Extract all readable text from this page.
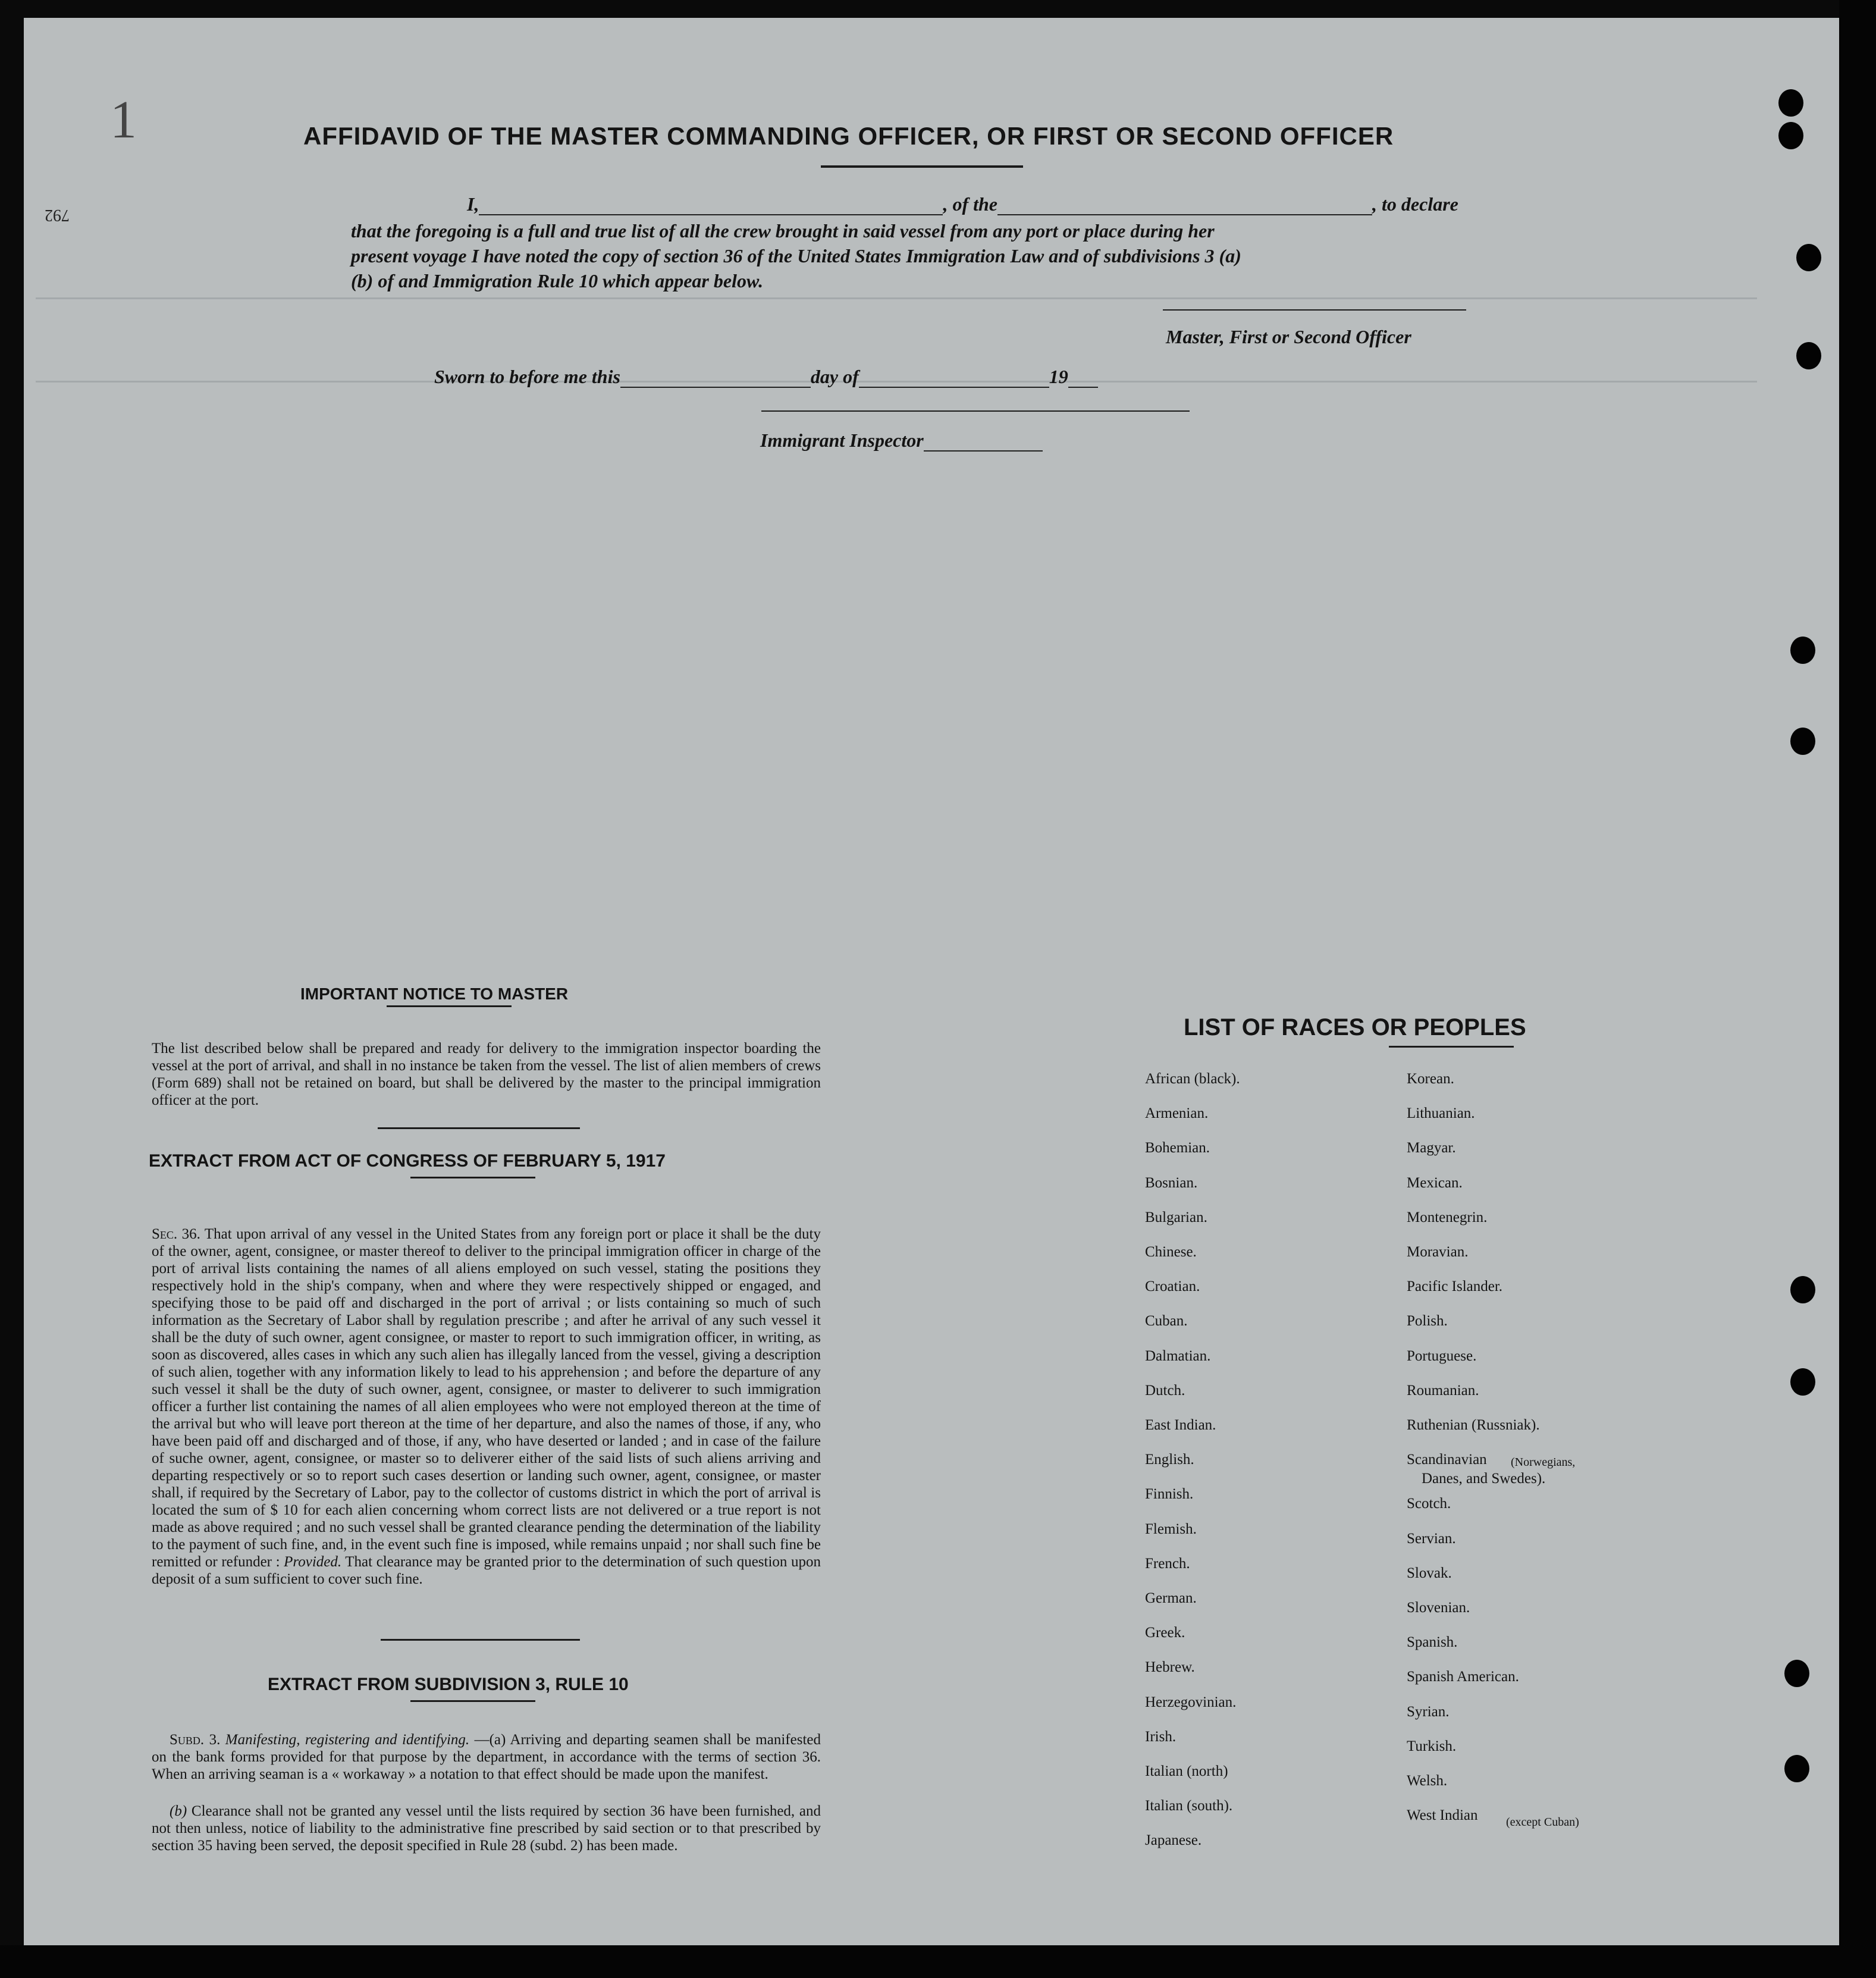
792
1	AFFIDAVID OF THE MASTER COMMANDING OFFICER, OR FIRST OR SECOND OFFICER
I,	, of the	, to declare
that the foregoing is a full and true list of all the crew brought in said vessel from any port or place during her
present voyage I have noted the copy of section 36 of the United States Immigration Law and of subdivisions 3 (a)
(b) of and Immigration Rule 10 which appear below.
Master, First or Second Officer
Sworn to before me this	day of	19
Immigrant Inspector
IMPORTANT NOTICE TO MASTER
The list described below shall be prepared and ready for delivery to the immigration inspector boarding the vessel at the port of arrival, and shall in no instance be taken from the vessel. The list of alien members of crews (Form 689) shall not be retained on board, but shall be delivered by the master to the principal immigration officer at the port.
EXTRACT FROM ACT OF CONGRESS OF FEBRUARY 5, 1917
Sec. 36. That upon arrival of any vessel in the United States from any foreign port or place it shall be the duty of the owner, agent, consignee, or master thereof to deliver to the principal immigration officer in charge of the port of arrival lists containing the names of all aliens employed on such vessel, stating the positions they respectively hold in the ship's company, when and where they were respectively shipped or engaged, and specifying those to be paid off and discharged in the port of arrival ; or lists containing so much of such information as the Secretary of Labor shall by regulation prescribe ; and after he arrival of any such vessel it shall be the duty of such owner, agent consignee, or master to report to such immigration officer, in writing, as soon as discovered, alles cases in which any such alien has illegally lanced from the vessel, giving a description of such alien, together with any information likely to lead to his apprehension ; and before the departure of any such vessel it shall be the duty of such owner, agent, consignee, or master to deliverer to such immigration officer a further list containing the names of all alien employees who were not employed thereon at the time of the arrival but who will leave port thereon at the time of her departure, and also the names of those, if any, who have been paid off and discharged and of those, if any, who have deserted or landed ; and in case of the failure of suche owner, agent, consignee, or master so to deliverer either of the said lists of such aliens arriving and departing respectively or so to report such cases desertion or landing such owner, agent, consignee, or master shall, if required by the Secretary of Labor, pay to the collector of customs district in which the port of arrival is located the sum of $ 10 for each alien concerning whom correct lists are not delivered or a true report is not made as above required ; and no such vessel shall be granted clearance pending the determination of the liability to the payment of such fine, and, in the event such fine is imposed, while remains unpaid ; nor shall such fine be remitted or refunder : Provided. That clearance may be granted prior to the determination of such question upon deposit of a sum sufficient to cover such fine.
EXTRACT FROM SUBDIVISION 3, RULE 10
Subd. 3. Manifesting, registering and identifying. —(a) Arriving and departing seamen shall be manifested on the bank forms provided for that purpose by the department, in accordance with the terms of section 36. When an arriving seaman is a « workaway » a notation to that effect should be made upon the manifest.
(b) Clearance shall not be granted any vessel until the lists required by section 36 have been furnished, and not then unless, notice of liability to the administrative fine prescribed by said section or to that prescribed by section 35 having been served, the deposit specified in Rule 28 (subd. 2) has been made.
LIST OF RACES OR PEOPLES
African (black).
Armenian.
Bohemian.
Bosnian.
Bulgarian.
Chinese.
Croatian.
Cuban.
Dalmatian.
Dutch.
East Indian.
English.
Finnish.
Flemish.
French.
German.
Greek.
Hebrew.
Herzegovinian.
Irish.
Italian (north)
Italian (south).
Japanese.
Korean.
Lithuanian.
Magyar.
Mexican.
Montenegrin.
Moravian.
Pacific Islander.
Polish.
Portuguese.
Roumanian.
Ruthenian (Russniak).
Scandinavian
Scotch.
Servian.
Slovak.
Slovenian.
Spanish.
Spanish American.
Syrian.
Turkish.
Welsh.
West Indian
(Norwegians,
Danes, and Swedes).
(except Cuban)
